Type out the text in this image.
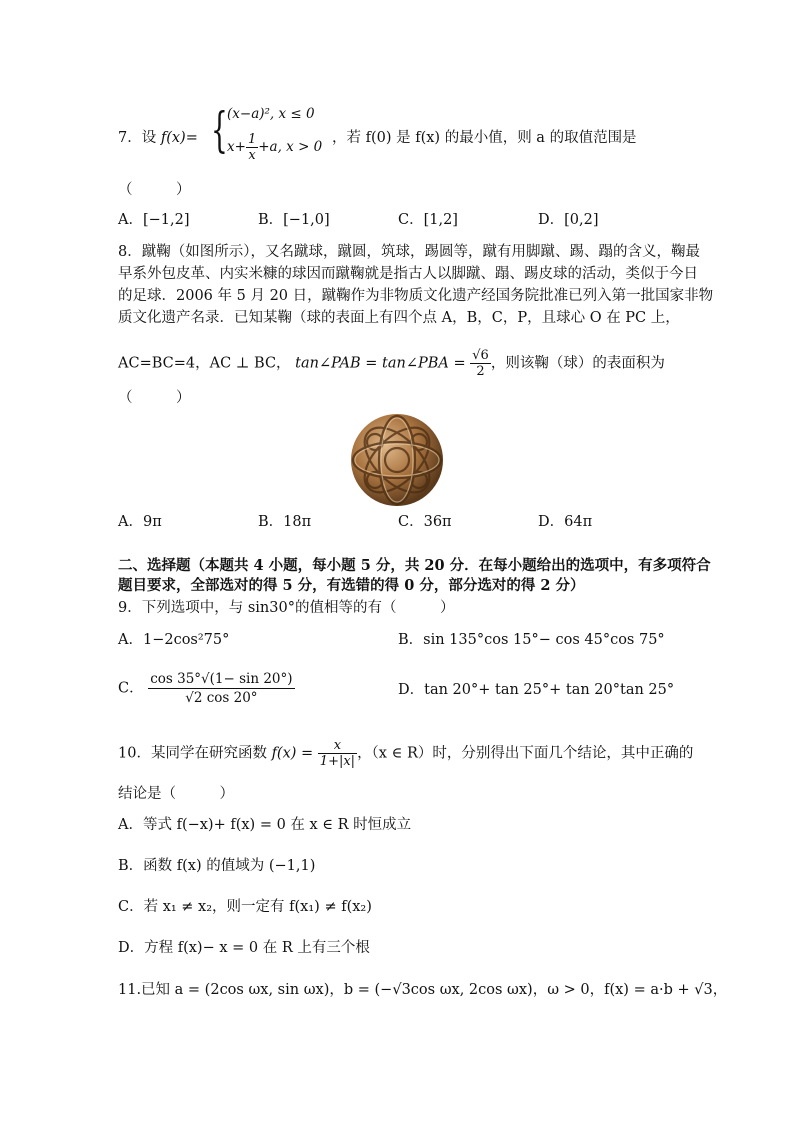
7．设 f(x)= { (x−a)², x ≤ 0
$x+ \frac{1}{x} +a$, x > 0
，若 f(0) 是 f(x) 的最小值，则 a 的取值范围是
（　　　）
A．[−1,2]	B．[−1,0]	C．[1,2]	D．[0,2]
8．蹴鞠（如图所示），又名蹴球，蹴圆，筑球，踢圆等，蹴有用脚蹴、踢、蹋的含义，鞠最
早系外包皮革、内实米糠的球因而蹴鞠就是指古人以脚蹴、蹋、踢皮球的活动，类似于今日
的足球．2006 年 5 月 20 日，蹴鞠作为非物质文化遗产经国务院批准已列入第一批国家非物
质文化遗产名录．已知某鞠（球的表面上有四个点 A，B，C，P，且球心 O 在 PC 上，
AC=BC=4，AC ⊥ BC， tan∠PAB = tan∠PBA = $\frac{√6}{2}$ ，则该鞠（球）的表面积为
（　　　）
A．9π	B．18π	C．36π	D．64π
二、选择题（本题共 4 小题，每小题 5 分，共 20 分．在每小题给出的选项中，有多项符合
题目要求，全部选对的得 5 分，有选错的得 0 分，部分选对的得 2 分）
9．下列选项中，与 sin30°的值相等的有（　　　）
A．1−2cos²75°	B．sin 135°cos 15°− cos 45°cos 75°
C． $\frac{\cos 35^\circ√(1- \sin 20^\circ)}{√2 \cos 20^\circ}$	D．tan 20°+ tan 25°+ tan 20°tan 25°
10．某同学在研究函数 $f(x) = \frac{x}{1+|x|}$ ，（x ∈ R）时，分别得出下面几个结论，其中正确的
结论是（　　　）
A．等式 f(−x)+ f(x) = 0 在 x ∈ R 时恒成立
B．函数 f(x) 的值域为 (−1,1)
C．若 x₁ ≠ x₂，则一定有 f(x₁) ≠ f(x₂)
D．方程 f(x)− x = 0 在 R 上有三个根
11.已知 a = (2cos ωx, sin ωx)，b = (−√3cos ωx, 2cos ωx)，ω > 0，f(x) = a·b + √3，
